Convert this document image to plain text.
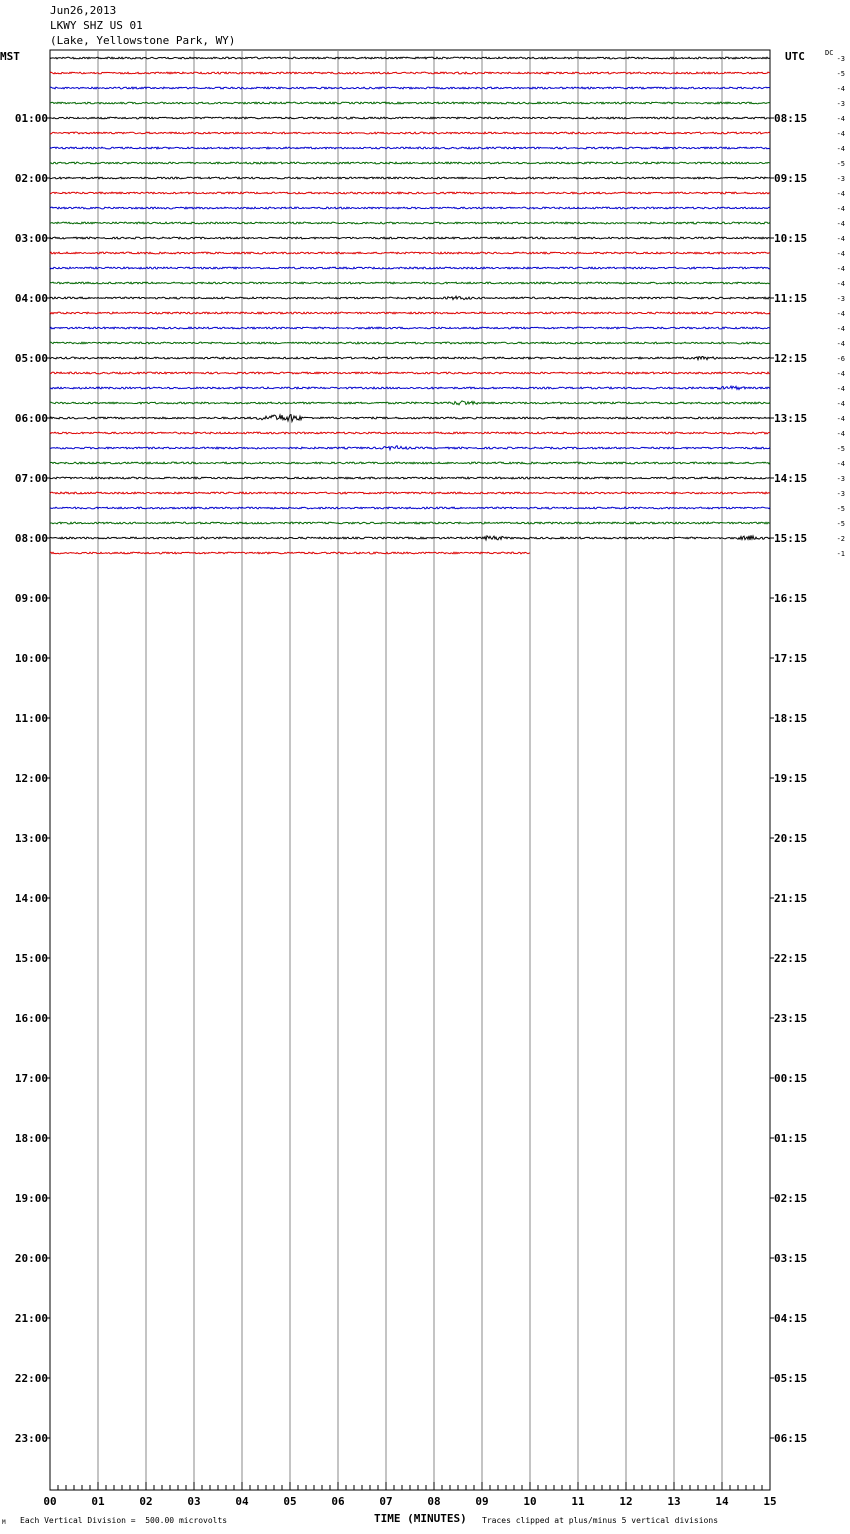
Jun26,2013
LKWY SHZ US 01
(Lake, Yellowstone Park, WY)
MST	UTC	DC
01:00
02:00
03:00
04:00
05:00
06:00
07:00
08:00
09:00
10:00
11:00
12:00
13:00
14:00
15:00
16:00
17:00
18:00
19:00
20:00
21:00
22:00
23:00
08:15
09:15
10:15
11:15
12:15
13:15
14:15
15:15
16:15
17:15
18:15
19:15
20:15
21:15
22:15
23:15
00:15
01:15
02:15
03:15
04:15
05:15
06:15
-3
-5
-4
-3
-4
-4
-4
-5
-3
-4
-4
-4
-4
-4
-4
-4
-3
-4
-4
-4
-6
-4
-4
-4
-4
-4
-5
-4
-3
-3
-5
-5
-2
-1
00	01	02	03	04	05	06	07	08	09	10	11	12	13	14	15
M Each Vertical Division =  500.00 microvolts	TIME (MINUTES) Traces clipped at plus/minus 5 vertical divisions
